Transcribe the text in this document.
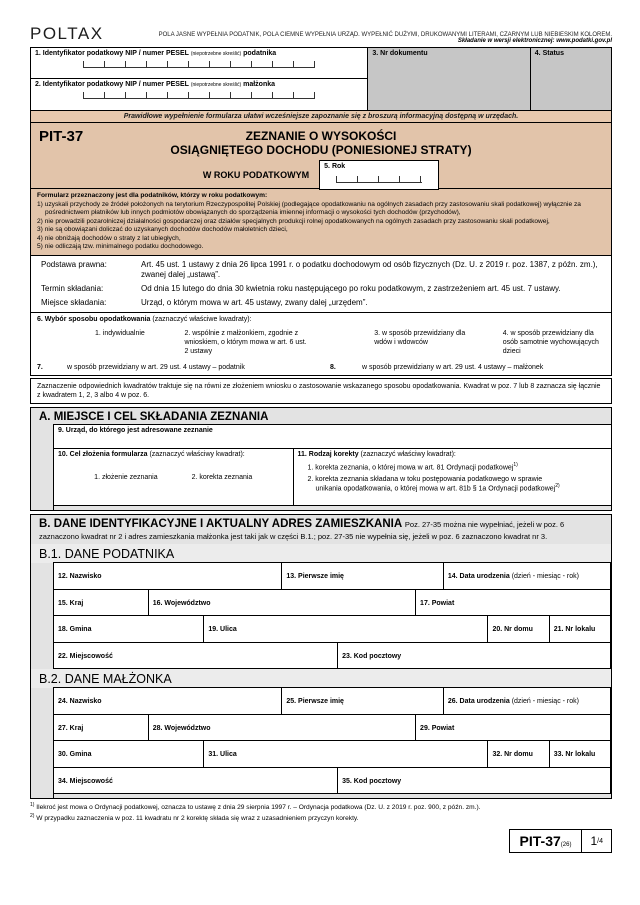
POLTAX	POLA JASNE WYPEŁNIA PODATNIK, POLA CIEMNE WYPEŁNIA URZĄD. WYPEŁNIĆ DUŻYMI, DRUKOWANYMI LITERAMI, CZARNYM LUB NIEBIESKIM KOLOREM.
Składanie w wersji elektronicznej: www.podatki.gov.pl
1. Identyfikator podatkowy NIP / numer PESEL (niepotrzebne skreślić) podatnika
2. Identyfikator podatkowy NIP / numer PESEL (niepotrzebne skreślić) małżonka
3. Nr dokumentu	4. Status
Prawidłowe wypełnienie formularza ułatwi wcześniejsze zapoznanie się z broszurą informacyjną dostępną w urzędach.
PIT-37	ZEZNANIE O WYSOKOŚCI
OSIĄGNIĘTEGO DOCHODU (PONIESIONEJ STRATY)
W ROKU PODATKOWYM
5. Rok
Formularz przeznaczony jest dla podatników, którzy w roku podatkowym:
1) uzyskali przychody ze źródeł położonych na terytorium Rzeczypospolitej Polskiej (podlegające opodatkowaniu na ogólnych zasadach przy zastosowaniu skali podatkowej) wyłącznie za pośrednictwem płatników lub innych podmiotów obowiązanych do sporządzenia imiennej informacji o wysokości tych dochodów (przychodów),
2) nie prowadzili pozarolniczej działalności gospodarczej oraz działów specjalnych produkcji rolnej opodatkowanych na ogólnych zasadach przy zastosowaniu skali podatkowej,
3) nie są obowiązani doliczać do uzyskanych dochodów dochodów małoletnich dzieci,
4) nie obniżają dochodów o straty z lat ubiegłych,
5) nie odliczają tzw. minimalnego podatku dochodowego.
Podstawa prawna:	Art. 45 ust. 1 ustawy z dnia 26 lipca 1991 r. o podatku dochodowym od osób fizycznych (Dz. U. z 2019 r. poz. 1387, z późn. zm.), zwanej dalej „ustawą”.
Termin składania:	Od dnia 15 lutego do dnia 30 kwietnia roku następującego po roku podatkowym, z zastrzeżeniem art. 45 ust. 7 ustawy.
Miejsce składania:	Urząd, o którym mowa w art. 45 ustawy, zwany dalej „urzędem”.
6. Wybór sposobu opodatkowania (zaznaczyć właściwe kwadraty):
1. indywidualnie	2. wspólnie z małżonkiem, zgodnie z wnioskiem, o którym mowa w art. 6 ust. 2 ustawy
3. w sposób przewidziany dla wdów i wdowców
4. w sposób przewidziany dla osób samotnie wychowujących dzieci
7.	w sposób przewidziany w art. 29 ust. 4 ustawy – podatnik	8.	w sposób przewidziany w art. 29 ust. 4 ustawy – małżonek
Zaznaczenie odpowiednich kwadratów traktuje się na równi ze złożeniem wniosku o zastosowanie wskazanego sposobu opodatkowania. Kwadrat w poz. 7 lub 8 zaznacza się łącznie z kwadratem 1, 2, 3 albo 4 w poz. 6.
A. MIEJSCE I CEL SKŁADANIA ZEZNANIA
9. Urząd, do którego jest adresowane zeznanie
10. Cel złożenia formularza (zaznaczyć właściwy kwadrat):
1. złożenie zeznania	2. korekta zeznania
11. Rodzaj korekty (zaznaczyć właściwy kwadrat):
1. korekta zeznania, o której mowa w art. 81 Ordynacji podatkowej$^{1)}$
2. korekta zeznania składana w toku postępowania podatkowego w sprawie
unikania opodatkowania, o której mowa w art. 81b § 1a Ordynacji podatkowej$^{2)}$
B. DANE IDENTYFIKACYJNE I AKTUALNY ADRES ZAMIESZKANIA Poz. 27-35 można nie wypełniać, jeżeli w poz. 6 zaznaczono kwadrat nr 2 i adres zamieszkania małżonka jest taki jak w części B.1.; poz. 27-35 nie wypełnia się, jeżeli w poz. 6 zaznaczono kwadrat nr 3.
B.1. DANE PODATNIKA
12. Nazwisko	13. Pierwsze imię	14. Data urodzenia (dzień - miesiąc - rok)
15. Kraj	16. Województwo	17. Powiat
18. Gmina	19. Ulica	20. Nr domu	21. Nr lokalu
22. Miejscowość	23. Kod pocztowy
B.2. DANE MAŁŻONKA
24. Nazwisko	25. Pierwsze imię	26. Data urodzenia (dzień - miesiąc - rok)
27. Kraj	28. Województwo	29. Powiat
30. Gmina	31. Ulica	32. Nr domu	33. Nr lokalu
34. Miejscowość	35. Kod pocztowy
$^{1)}$ Ilekroć jest mowa o Ordynacji podatkowej, oznacza to ustawę z dnia 29 sierpnia 1997 r. – Ordynacja podatkowa (Dz. U. z 2019 r. poz. 900, z późn. zm.).
$^{2)}$ W przypadku zaznaczenia w poz. 11 kwadratu nr 2 korektę składa się wraz z uzasadnieniem przyczyn korekty.
PIT-37(26)	1 /4
